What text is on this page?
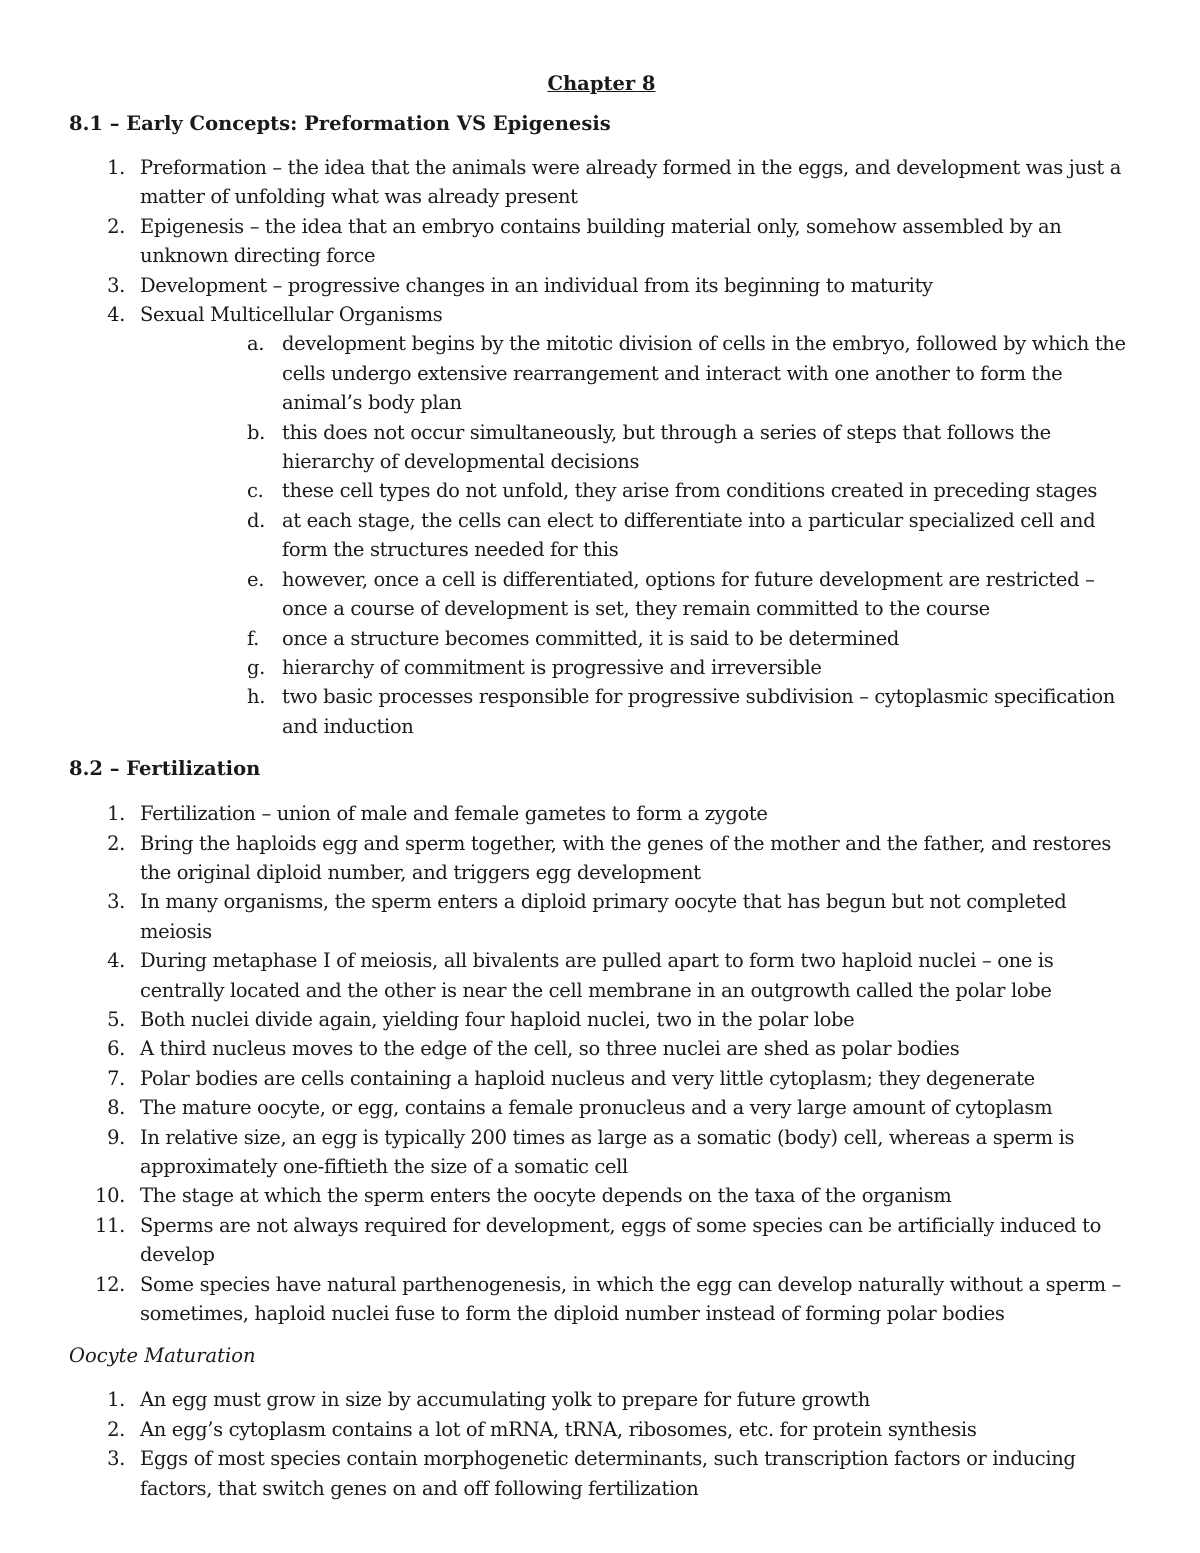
Chapter 8
8.1 – Early Concepts: Preformation VS Epigenesis
1. Preformation – the idea that the animals were already formed in the eggs, and development was just a matter of unfolding what was already present
2. Epigenesis – the idea that an embryo contains building material only, somehow assembled by an unknown directing force
3. Development – progressive changes in an individual from its beginning to maturity
4. Sexual Multicellular Organisms
a. development begins by the mitotic division of cells in the embryo, followed by which the cells undergo extensive rearrangement and interact with one another to form the animal’s body plan
b. this does not occur simultaneously, but through a series of steps that follows the hierarchy of developmental decisions
c. these cell types do not unfold, they arise from conditions created in preceding stages
d. at each stage, the cells can elect to differentiate into a particular specialized cell and form the structures needed for this
e. however, once a cell is differentiated, options for future development are restricted – once a course of development is set, they remain committed to the course
f.	once a structure becomes committed, it is said to be determined
g. hierarchy of commitment is progressive and irreversible
h. two basic processes responsible for progressive subdivision – cytoplasmic specification and induction
8.2 – Fertilization
1. Fertilization – union of male and female gametes to form a zygote
2. Bring the haploids egg and sperm together, with the genes of the mother and the father, and restores the original diploid number, and triggers egg development
3. In many organisms, the sperm enters a diploid primary oocyte that has begun but not completed meiosis
4. During metaphase I of meiosis, all bivalents are pulled apart to form two haploid nuclei – one is centrally located and the other is near the cell membrane in an outgrowth called the polar lobe
5. Both nuclei divide again, yielding four haploid nuclei, two in the polar lobe
6. A third nucleus moves to the edge of the cell, so three nuclei are shed as polar bodies
7. Polar bodies are cells containing a haploid nucleus and very little cytoplasm; they degenerate
8. The mature oocyte, or egg, contains a female pronucleus and a very large amount of cytoplasm
9. In relative size, an egg is typically 200 times as large as a somatic (body) cell, whereas a sperm is approximately one-fiftieth the size of a somatic cell
10. The stage at which the sperm enters the oocyte depends on the taxa of the organism
11. Sperms are not always required for development, eggs of some species can be artificially induced to develop
12. Some species have natural parthenogenesis, in which the egg can develop naturally without a sperm – sometimes, haploid nuclei fuse to form the diploid number instead of forming polar bodies
Oocyte Maturation
1. An egg must grow in size by accumulating yolk to prepare for future growth
2. An egg’s cytoplasm contains a lot of mRNA, tRNA, ribosomes, etc. for protein synthesis
3. Eggs of most species contain morphogenetic determinants, such transcription factors or inducing factors, that switch genes on and off following fertilization
